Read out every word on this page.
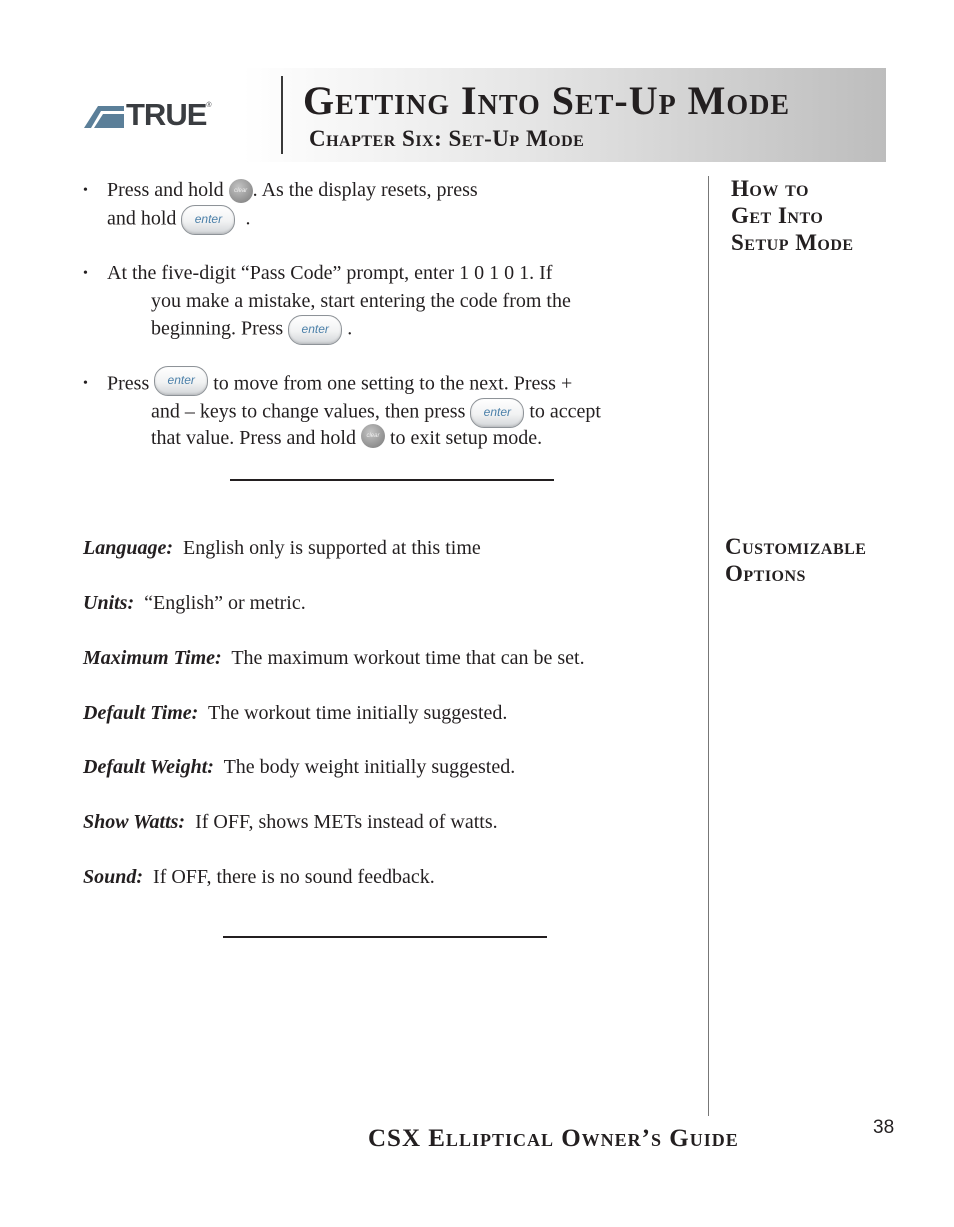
TRUE ® Getting Into Set-Up Mode
Chapter Six: Set-Up Mode
How to
Get Into
Setup Mode
Customizable
Options
• Press and hold clear . As the display resets, press
and hold enter .
• At the five-digit “Pass Code” prompt, enter 1 0 1 0 1. If
you make a mistake, start entering the code from the
beginning. Press enter .
• Press enter to move from one setting to the next. Press +
and – keys to change values, then press enter to accept
that value. Press and hold clear to exit setup mode.

Language: English only is supported at this time

Units: “English” or metric.

Maximum Time: The maximum workout time that can be set.

Default Time: The workout time initially suggested.

Default Weight: The body weight initially suggested.

Show Watts: If OFF, shows METs instead of watts.

Sound: If OFF, there is no sound feedback.

CSX Elliptical Owner’s Guide	38
